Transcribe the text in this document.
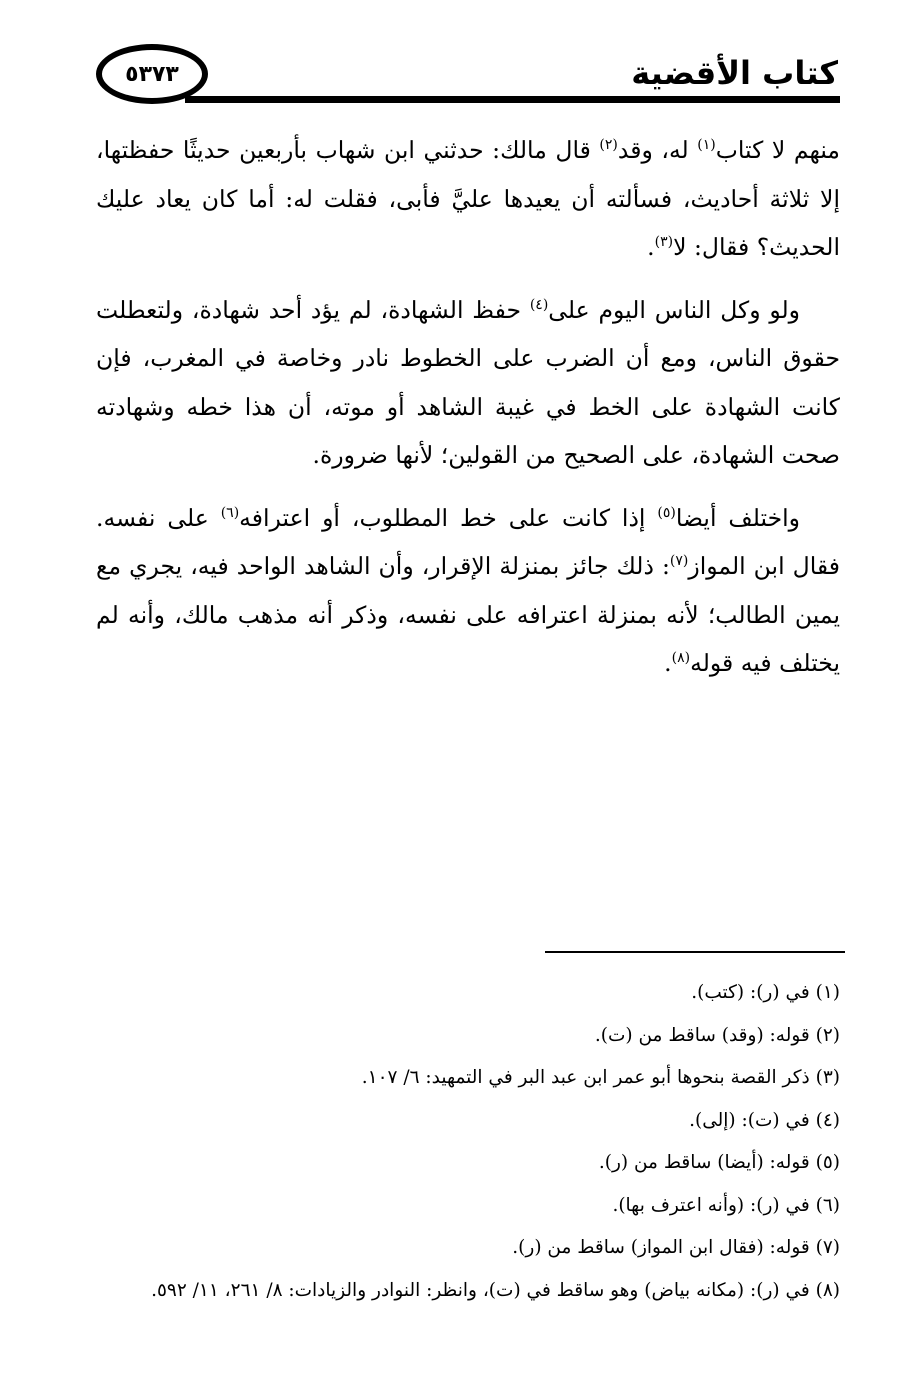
كتاب الأقضية
٥٣٧٣

منهم لا كتاب$^{(١)}$ له، وقد$^{(٢)}$ قال مالك: حدثني ابن شهاب بأربعين حديثًا حفظتها، إلا ثلاثة أحاديث، فسألته أن يعيدها عليَّ فأبى، فقلت له: أما كان يعاد عليك الحديث؟ فقال: لا$^{(٣)}$.

ولو وكل الناس اليوم على$^{(٤)}$ حفظ الشهادة، لم يؤد أحد شهادة، ولتعطلت حقوق الناس، ومع أن الضرب على الخطوط نادر وخاصة في المغرب، فإن كانت الشهادة على الخط في غيبة الشاهد أو موته، أن هذا خطه وشهادته صحت الشهادة، على الصحيح من القولين؛ لأنها ضرورة.

واختلف أيضا$^{(٥)}$ إذا كانت على خط المطلوب، أو اعترافه$^{(٦)}$ على نفسه. فقال ابن المواز$^{(٧)}$: ذلك جائز بمنزلة الإقرار، وأن الشاهد الواحد فيه، يجري مع يمين الطالب؛ لأنه بمنزلة اعترافه على نفسه، وذكر أنه مذهب مالك، وأنه لم يختلف فيه قوله$^{(٨)}$.

(١) في (ر): (كتب).
(٢) قوله: (وقد) ساقط من (ت).
(٣) ذكر القصة بنحوها أبو عمر ابن عبد البر في التمهيد: ٦/ ١٠٧.
(٤) في (ت): (إلى).
(٥) قوله: (أيضا) ساقط من (ر).
(٦) في (ر): (وأنه اعترف بها).
(٧) قوله: (فقال ابن المواز) ساقط من (ر).
(٨) في (ر): (مكانه بياض) وهو ساقط في (ت)، وانظر: النوادر والزيادات: ٨/ ٢٦١، ١١/ ٥٩٢.
